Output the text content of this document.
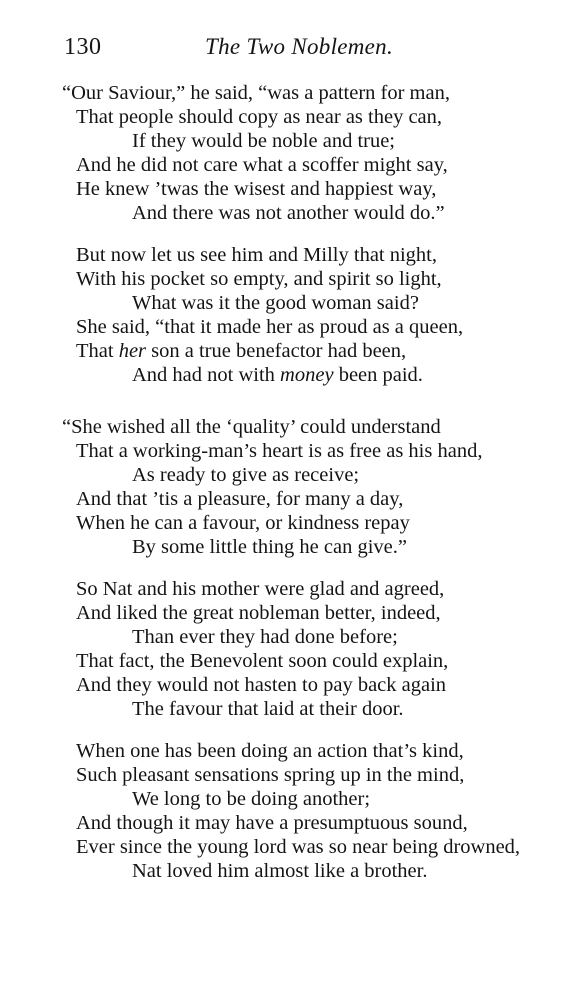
130	The Two Noblemen.
“Our Saviour,” he said, “was a pattern for man,
That people should copy as near as they can,
If they would be noble and true;
And he did not care what a scoffer might say,
He knew ’twas the wisest and happiest way,
And there was not another would do.”
But now let us see him and Milly that night,
With his pocket so empty, and spirit so light,
What was it the good woman said?
She said, “that it made her as proud as a queen,
That her son a true benefactor had been,
And had not with money been paid.
“She wished all the ‘quality’ could understand
That a working-man’s heart is as free as his hand,
As ready to give as receive;
And that ’tis a pleasure, for many a day,
When he can a favour, or kindness repay
By some little thing he can give.”
So Nat and his mother were glad and agreed,
And liked the great nobleman better, indeed,
Than ever they had done before;
That fact, the Benevolent soon could explain,
And they would not hasten to pay back again
The favour that laid at their door.
When one has been doing an action that’s kind,
Such pleasant sensations spring up in the mind,
We long to be doing another;
And though it may have a presumptuous sound,
Ever since the young lord was so near being drowned,
Nat loved him almost like a brother.
